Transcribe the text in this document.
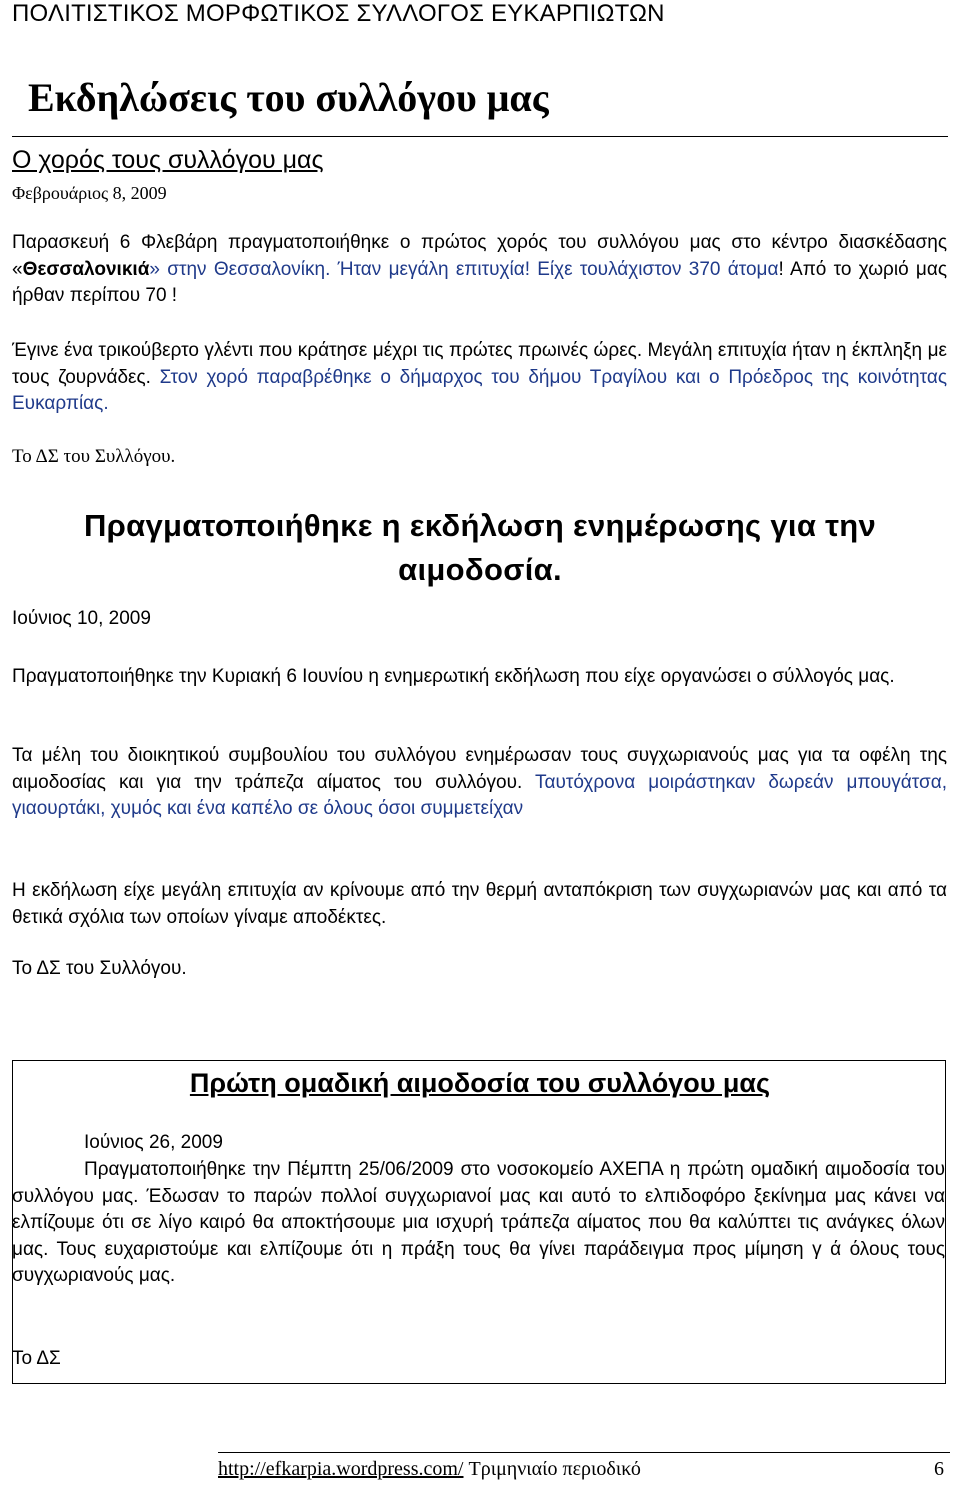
ΠΟΛΙΤΙΣΤΙΚΟΣ ΜΟΡΦΩΤΙΚΟΣ ΣΥΛΛΟΓΟΣ ΕΥΚΑΡΠΙΩΤΩΝ
Εκδηλώσεις του συλλόγου μας
Ο χορός τους συλλόγου μας
Φεβρουάριος 8, 2009

Παρασκευή 6 Φλεβάρη πραγματοποιήθηκε ο πρώτος χορός του συλλόγου μας στο κέντρο διασκέδασης «Θεσσαλονικιά» στην Θεσσαλονίκη. Ήταν μεγάλη επιτυχία! Είχε τουλάχιστον 370 άτομα! Από το χωριό μας ήρθαν περίπου 70 !

Έγινε ένα τρικούβερτο γλέντι που κράτησε μέχρι τις πρώτες πρωινές ώρες. Μεγάλη επιτυχία ήταν η έκπληξη με τους ζουρνάδες. Στον χορό παραβρέθηκε ο δήμαρχος του δήμου Τραγίλου και ο Πρόεδρος της κοινότητας Ευκαρπίας.

Το ΔΣ του Συλλόγου.
Πραγματοποιήθηκε η εκδήλωση ενημέρωσης για την αιμοδοσία.
Ιούνιος 10, 2009
Πραγματοποιήθηκε την Κυριακή 6 Ιουνίου η ενημερωτική εκδήλωση που είχε οργανώσει ο σύλλογός μας.

Τα μέλη του διοικητικού συμβουλίου του συλλόγου ενημέρωσαν τους συγχωριανούς μας για τα οφέλη της αιμοδοσίας και για την τράπεζα αίματος του συλλόγου. Ταυτόχρονα μοιράστηκαν δωρεάν μπουγάτσα, γιαουρτάκι, χυμός και ένα καπέλο σε όλους όσοι συμμετείχαν

Η εκδήλωση είχε μεγάλη επιτυχία αν κρίνουμε από την θερμή ανταπόκριση των συγχωριανών μας και από τα θετικά σχόλια των οποίων γίναμε αποδέκτες.
Το ΔΣ του Συλλόγου.
Πρώτη ομαδική αιμοδοσία του συλλόγου μας
Ιούνιος 26, 2009
Πραγματοποιήθηκε την Πέμπτη 25/06/2009 στο νοσοκομείο ΑΧΕΠΑ η πρώτη ομαδική αιμοδοσία του συλλόγου μας. Έδωσαν το παρών πολλοί συγχωριανοί μας και αυτό το ελπιδοφόρο ξεκίνημα μας κάνει να ελπίζουμε ότι σε λίγο καιρό θα αποκτήσουμε μια ισχυρή τράπεζα αίματος που θα καλύπτει τις ανάγκες όλων μας. Τους ευχαριστούμε και ελπίζουμε ότι η πράξη τους θα γίνει παράδειγμα προς μίμηση γ ά όλους τους συγχωριανούς μας.
Το ΔΣ
http://efkarpia.wordpress.com/ Τριμηνιαίο περιοδικό	6
